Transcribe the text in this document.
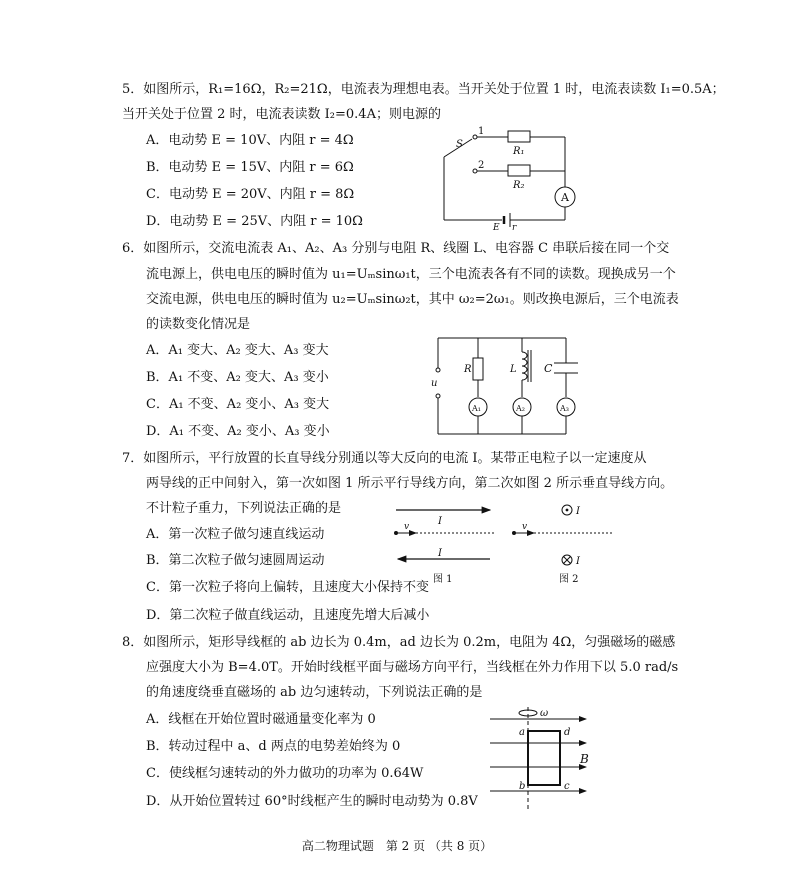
5．如图所示，R₁=16Ω，R₂=21Ω，电流表为理想电表。当开关处于位置 1 时，电流表读数 I₁=0.5A；
当开关处于位置 2 时，电流表读数 I₂=0.4A；则电源的
A．电动势 E = 10V、内阻 r = 4Ω
B．电动势 E = 15V、内阻 r = 6Ω
C．电动势 E = 20V、内阻 r = 8Ω
D．电动势 E = 25V、内阻 r = 10Ω
S
1
2
R₁
R₂
A
E r
6．如图所示，交流电流表 A₁、A₂、A₃ 分别与电阻 R、线圈 L、电容器 C 串联后接在同一个交
流电源上，供电电压的瞬时值为 u₁=Uₘsinω₁t，三个电流表各有不同的读数。现换成另一个
交流电源，供电电压的瞬时值为 u₂=Uₘsinω₂t，其中 ω₂=2ω₁。则改换电源后，三个电流表
的读数变化情况是
A．A₁ 变大、A₂ 变大、A₃ 变大
B．A₁ 不变、A₂ 变大、A₃ 变小
C．A₁ 不变、A₂ 变小、A₃ 变大
D．A₁ 不变、A₂ 变小、A₃ 变小
u
R	L C
A₁	A₂	A₃
7．如图所示，平行放置的长直导线分别通以等大反向的电流 I。某带正电粒子以一定速度从
两导线的正中间射入，第一次如图 1 所示平行导线方向，第二次如图 2 所示垂直导线方向。
不计粒子重力，下列说法正确的是
A．第一次粒子做匀速直线运动
B．第二次粒子做匀速圆周运动
C．第一次粒子将向上偏转，且速度大小保持不变
D．第二次粒子做直线运动，且速度先增大后减小
I
v
I
图 1
I
v
I
图 2
8．如图所示，矩形导线框的 ab 边长为 0.4m，ad 边长为 0.2m，电阻为 4Ω，匀强磁场的磁感
应强度大小为 B=4.0T。开始时线框平面与磁场方向平行，当线框在外力作用下以 5.0 rad/s
的角速度绕垂直磁场的 ab 边匀速转动，下列说法正确的是
A．线框在开始位置时磁通量变化率为 0
B．转动过程中 a、d 两点的电势差始终为 0
C．使线框匀速转动的外力做功的功率为 0.64W
D．从开始位置转过 60°时线框产生的瞬时电动势为 0.8V
ω
a	d
b	c
B
高二物理试题　第 2 页 （共 8 页）
